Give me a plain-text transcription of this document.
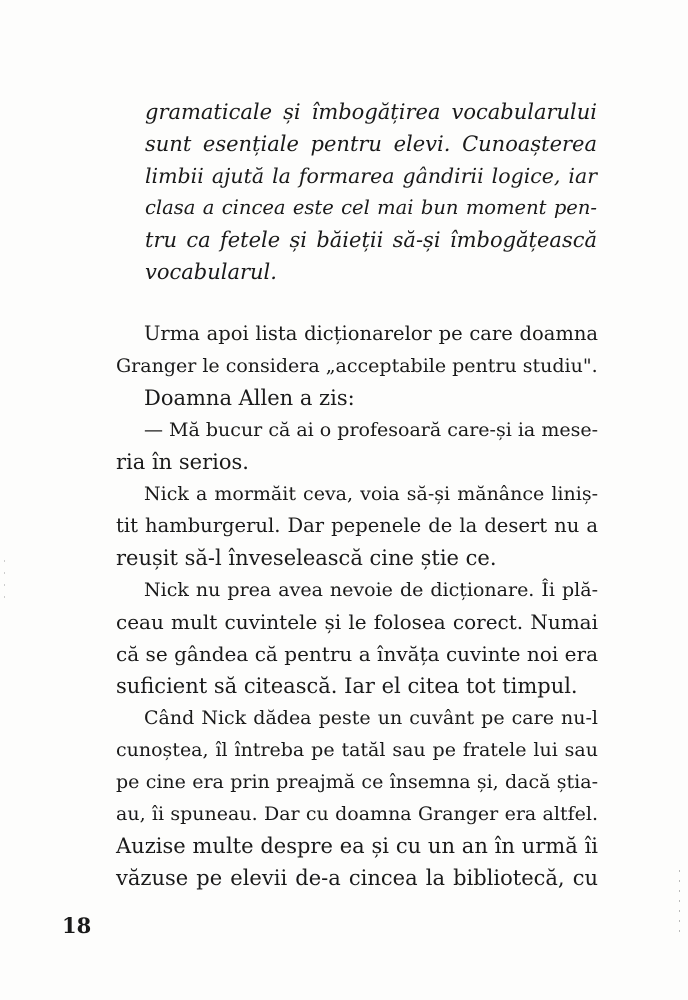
gramaticale și îmbogățirea vocabularului
sunt esențiale pentru elevi. Cunoașterea
limbii ajută la formarea gândirii logice, iar
clasa a cincea este cel mai bun moment pen-
tru ca fetele și băieții să-și îmbogățească
vocabularul.
Urma apoi lista dicționarelor pe care doamna
Granger le considera „acceptabile pentru studiu".
Doamna Allen a zis:
— Mă bucur că ai o profesoară care-și ia mese-
ria în serios.
Nick a mormăit ceva, voia să-și mănânce liniș-
tit hamburgerul. Dar pepenele de la desert nu a
reușit să-l înveselească cine știe ce.
Nick nu prea avea nevoie de dicționare. Îi plă-
ceau mult cuvintele și le folosea corect. Numai
că se gândea că pentru a învăța cuvinte noi era
suficient să citească. Iar el citea tot timpul.
Când Nick dădea peste un cuvânt pe care nu-l
cunoștea, îl întreba pe tatăl sau pe fratele lui sau
pe cine era prin preajmă ce însemna și, dacă știa-
au, îi spuneau. Dar cu doamna Granger era altfel.
Auzise multe despre ea și cu un an în urmă îi
văzuse pe elevii de-a cincea la bibliotecă, cu
18
